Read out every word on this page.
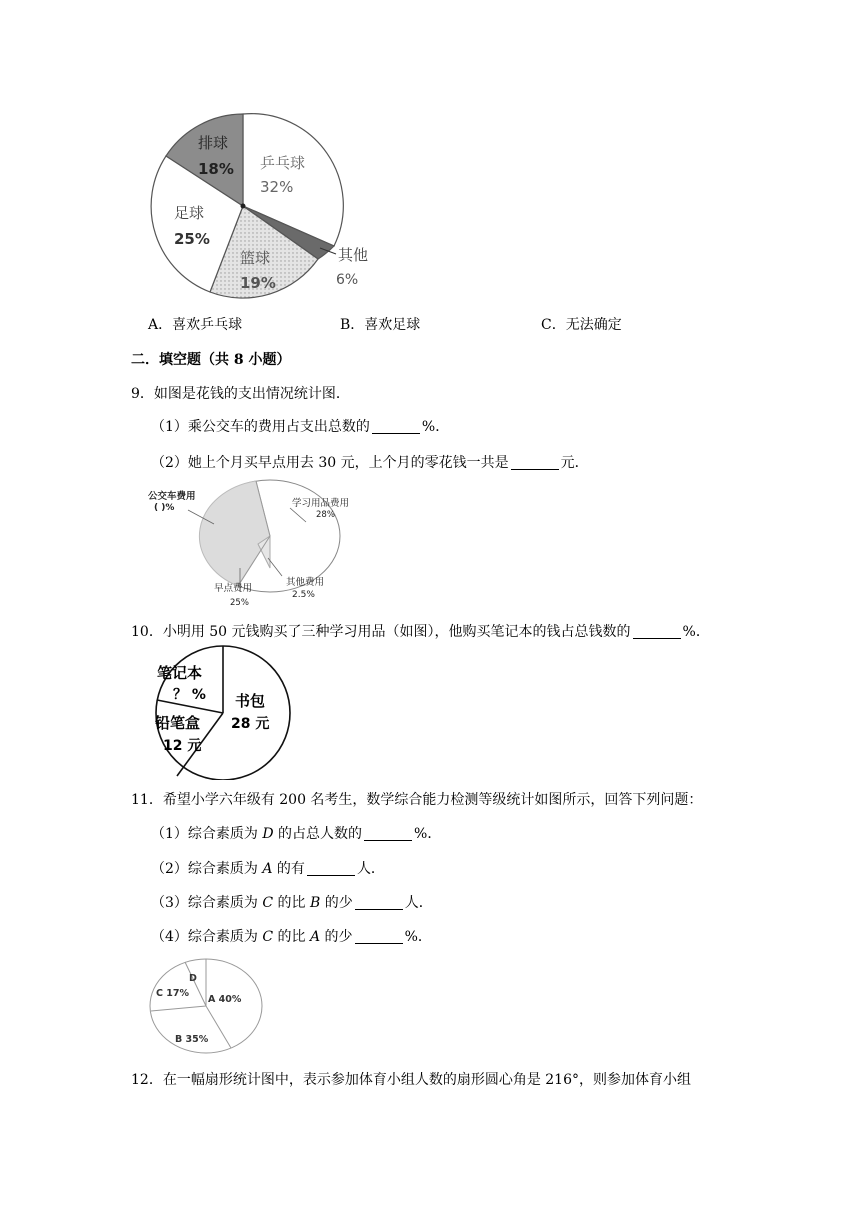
乒乓球
32%
其他
6%
篮球
19%
足球
25%
排球
18%
A．喜欢乒乓球	B．喜欢足球	C．无法确定
二．填空题（共 8 小题）
9．如图是花钱的支出情况统计图．
（1）乘公交车的费用占支出总数的	%．
（2）她上个月买早点用去 30 元，上个月的零花钱一共是	元．
公交车费用
( )%	学习用品费用
28%
其他费用
2.5%
早点费用
25%
10．小明用 50 元钱购买了三种学习用品（如图），他购买笔记本的钱占总钱数的	%．
笔记本
？ % 书包
28 元
铅笔盒
12 元
11．希望小学六年级有 200 名考生，数学综合能力检测等级统计如图所示，回答下列问题：
（1）综合素质为 D 的占总人数的	%．
（2）综合素质为 A 的有	人．
（3）综合素质为 C 的比 B 的少	人．
（4）综合素质为 C 的比 A 的少	%．
D
A 40%
C 17%
B 35%
12．在一幅扇形统计图中，表示参加体育小组人数的扇形圆心角是 216°，则参加体育小组
